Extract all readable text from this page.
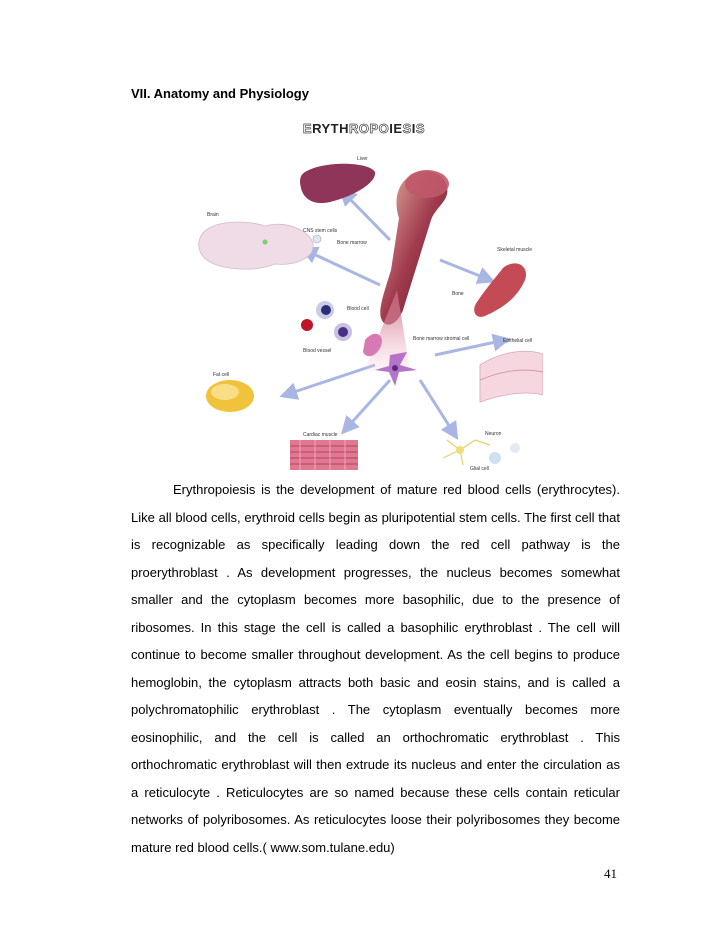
VII. Anatomy and Physiology
ERYTHROPOIESIS
Liver
Brain
CNS stem cells
Bone marrow
Skeletal muscle
Bone
Blood cell
Blood vessel
Bone marrow stromal cell	Epithelial cell
Fat cell
Cardiac muscle	Neuron
Glial cell

Erythropoiesis is the development of mature red blood cells (erythrocytes). Like all blood cells, erythroid cells begin as pluripotential stem cells. The first cell that is recognizable as specifically leading down the red cell pathway is the proerythroblast . As development progresses, the nucleus becomes somewhat smaller and the cytoplasm becomes more basophilic, due to the presence of ribosomes. In this stage the cell is called a basophilic erythroblast . The cell will continue to become smaller throughout development. As the cell begins to produce hemoglobin, the cytoplasm attracts both basic and eosin stains, and is called a polychromatophilic erythroblast . The cytoplasm eventually becomes more eosinophilic, and the cell is called an orthochromatic erythroblast . This orthochromatic erythroblast will then extrude its nucleus and enter the circulation as a reticulocyte . Reticulocytes are so named because these cells contain reticular networks of polyribosomes. As reticulocytes loose their polyribosomes they become mature red blood cells.( www.som.tulane.edu)

41
